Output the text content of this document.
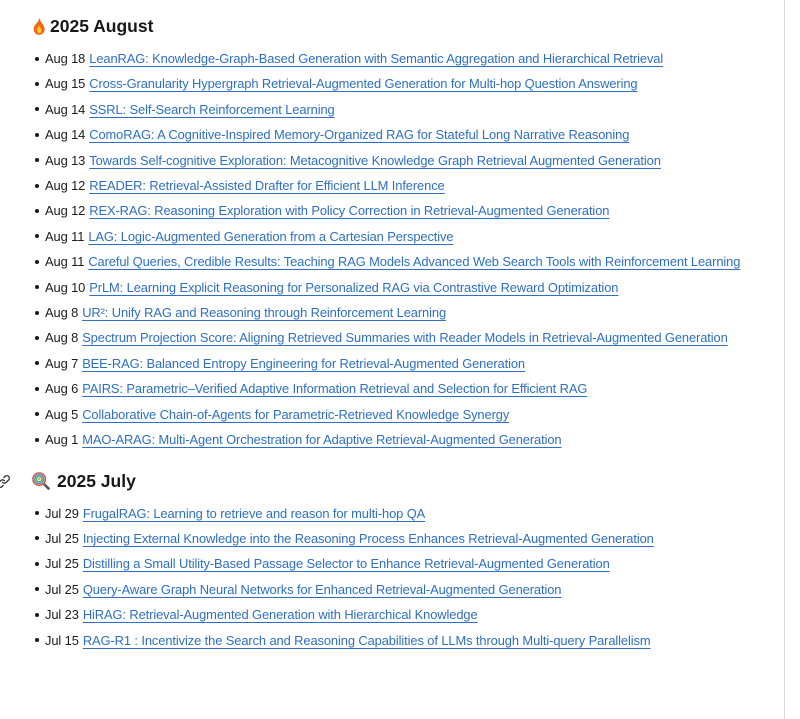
2025 August
Aug 18 LeanRAG: Knowledge-Graph-Based Generation with Semantic Aggregation and Hierarchical Retrieval
Aug 15 Cross-Granularity Hypergraph Retrieval-Augmented Generation for Multi-hop Question Answering
Aug 14 SSRL: Self-Search Reinforcement Learning
Aug 14 ComoRAG: A Cognitive-Inspired Memory-Organized RAG for Stateful Long Narrative Reasoning
Aug 13 Towards Self-cognitive Exploration: Metacognitive Knowledge Graph Retrieval Augmented Generation
Aug 12 READER: Retrieval-Assisted Drafter for Efficient LLM Inference
Aug 12 REX-RAG: Reasoning Exploration with Policy Correction in Retrieval-Augmented Generation
Aug 11 LAG: Logic-Augmented Generation from a Cartesian Perspective
Aug 11 Careful Queries, Credible Results: Teaching RAG Models Advanced Web Search Tools with Reinforcement Learning
Aug 10 PrLM: Learning Explicit Reasoning for Personalized RAG via Contrastive Reward Optimization
Aug 8 UR²: Unify RAG and Reasoning through Reinforcement Learning
Aug 8 Spectrum Projection Score: Aligning Retrieved Summaries with Reader Models in Retrieval-Augmented Generation
Aug 7 BEE-RAG: Balanced Entropy Engineering for Retrieval-Augmented Generation
Aug 6 PAIRS: Parametric–Verified Adaptive Information Retrieval and Selection for Efficient RAG
Aug 5 Collaborative Chain-of-Agents for Parametric-Retrieved Knowledge Synergy
Aug 1 MAO-ARAG: Multi-Agent Orchestration for Adaptive Retrieval-Augmented Generation
2025 July
Jul 29 FrugalRAG: Learning to retrieve and reason for multi-hop QA
Jul 25 Injecting External Knowledge into the Reasoning Process Enhances Retrieval-Augmented Generation
Jul 25 Distilling a Small Utility-Based Passage Selector to Enhance Retrieval-Augmented Generation
Jul 25 Query-Aware Graph Neural Networks for Enhanced Retrieval-Augmented Generation
Jul 23 HiRAG: Retrieval-Augmented Generation with Hierarchical Knowledge
Jul 15 RAG-R1 : Incentivize the Search and Reasoning Capabilities of LLMs through Multi-query Parallelism
